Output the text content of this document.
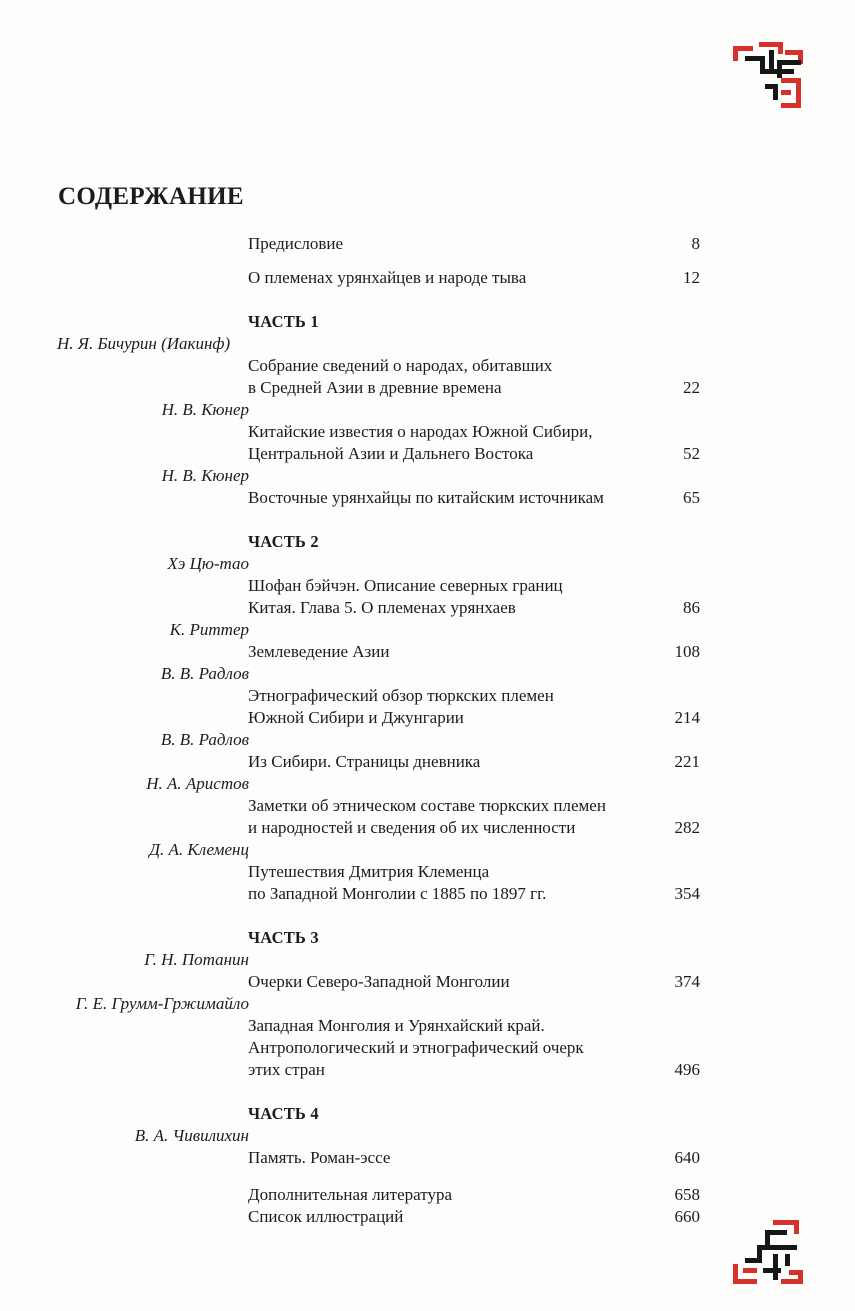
СОДЕРЖАНИЕ
Предисловие	8
О племенах урянхайцев и народе тыва	12
ЧАСТЬ 1
Н. Я. Бичурин (Иакинф)
Собрание сведений о народах, обитавших
в Средней Азии в древние времена	22
Н. В. Кюнер
Китайские известия о народах Южной Сибири,
Центральной Азии и Дальнего Востока	52
Н. В. Кюнер
Восточные урянхайцы по китайским источникам	65
ЧАСТЬ 2
Хэ Цю-тао
Шофан бэйчэн. Описание северных границ
Китая. Глава 5. О племенах урянхаев	86
К. Риттер
Землеведение Азии	108
В. В. Радлов
Этнографический обзор тюркских племен
Южной Сибири и Джунгарии	214
В. В. Радлов
Из Сибири. Страницы дневника	221
Н. А. Аристов
Заметки об этническом составе тюркских племен
и народностей и сведения об их численности	282
Д. А. Клеменц
Путешествия Дмитрия Клеменца
по Западной Монголии с 1885 по 1897 гг.	354
ЧАСТЬ 3
Г. Н. Потанин
Очерки Северо-Западной Монголии	374
Г. Е. Грумм-Гржимайло
Западная Монголия и Урянхайский край.
Антропологический и этнографический очерк
этих стран	496
ЧАСТЬ 4
В. А. Чивилихин
Память. Роман-эссе	640
Дополнительная литература	658
Список иллюстраций	660
